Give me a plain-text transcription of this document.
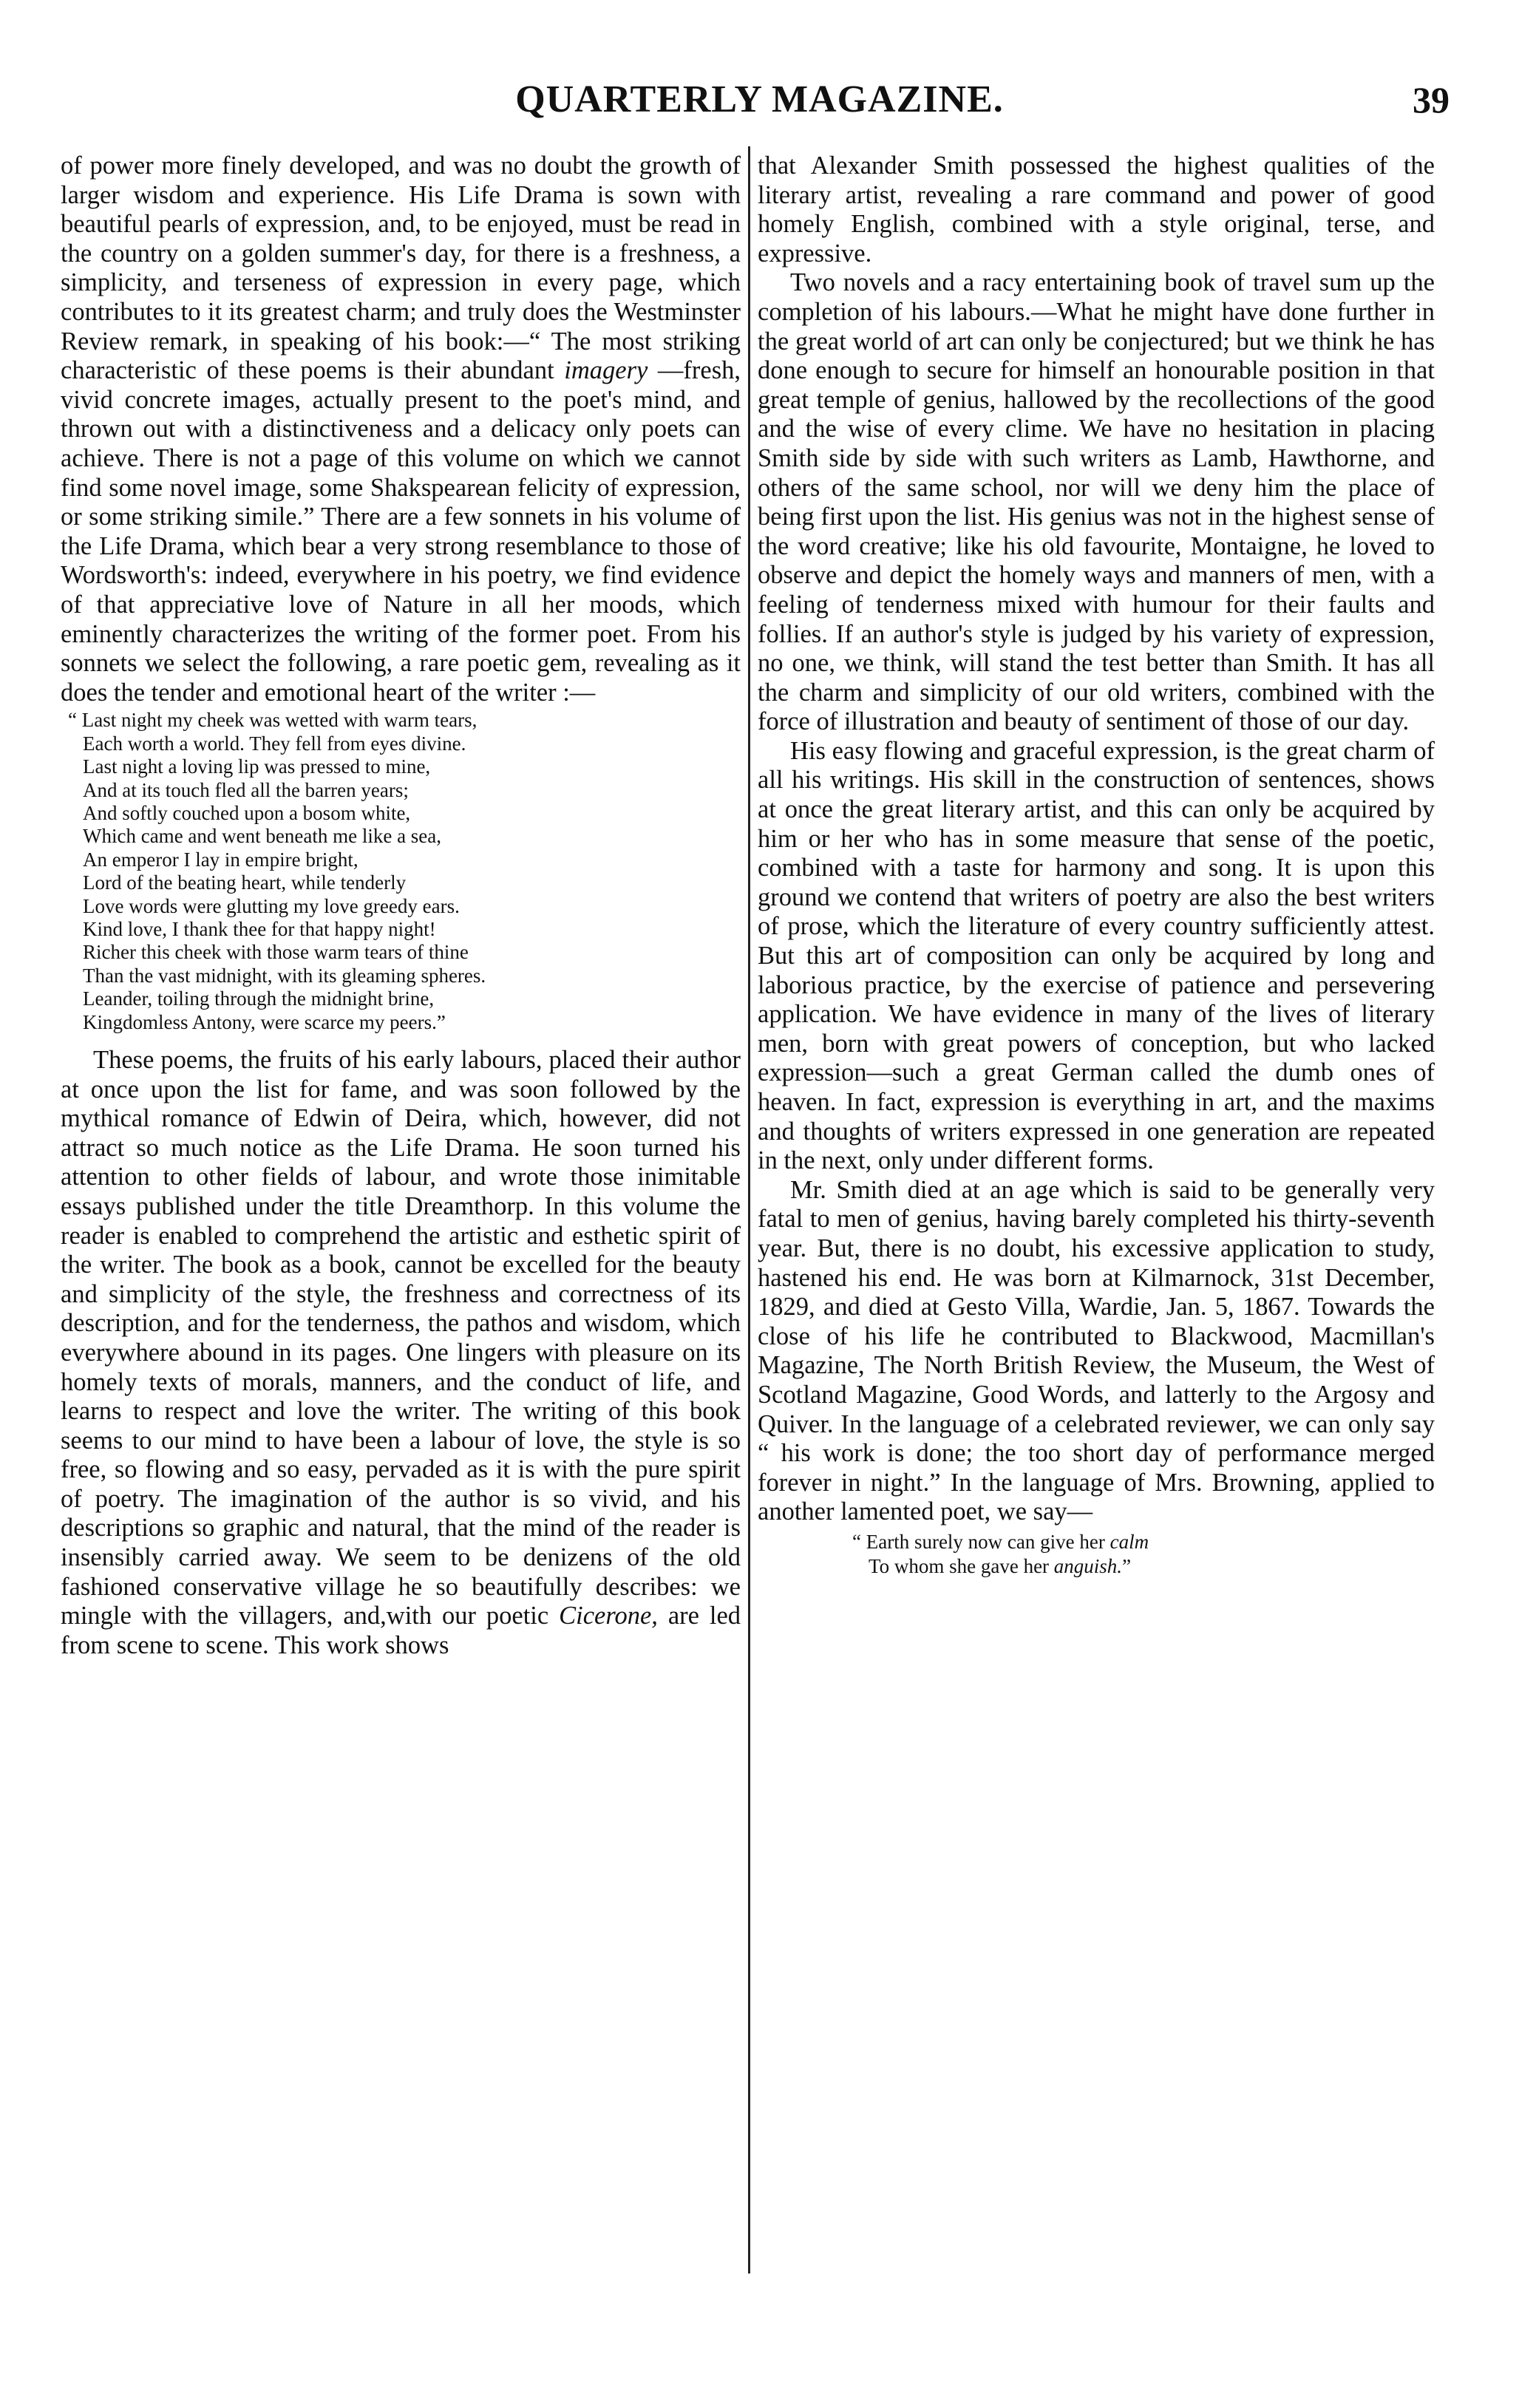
QUARTERLY MAGAZINE.	39

of power more finely developed, and was no doubt the growth of larger wisdom and experience. His Life Drama is sown with beautiful pearls of expression, and, to be enjoyed, must be read in the country on a golden summer's day, for there is a freshness, a simplicity, and terseness of expression in every page, which contributes to it its greatest charm; and truly does the Westminster Review remark, in speaking of his book:—“ The most striking characteristic of these poems is their abundant imagery —fresh, vivid concrete images, actually present to the poet's mind, and thrown out with a distinctiveness and a delicacy only poets can achieve. There is not a page of this volume on which we cannot find some novel image, some Shakspearean felicity of expression, or some striking simile.” There are a few sonnets in his volume of the Life Drama, which bear a very strong resemblance to those of Wordsworth's: indeed, everywhere in his poetry, we find evidence of that appreciative love of Nature in all her moods, which eminently characterizes the writing of the former poet. From his sonnets we select the following, a rare poetic gem, revealing as it does the tender and emotional heart of the writer :—

“ Last night my cheek was wetted with warm tears,
Each worth a world. They fell from eyes divine.
Last night a loving lip was pressed to mine,
And at its touch fled all the barren years;
And softly couched upon a bosom white,
Which came and went beneath me like a sea,
An emperor I lay in empire bright,
Lord of the beating heart, while tenderly
Love words were glutting my love greedy ears.
Kind love, I thank thee for that happy night!
Richer this cheek with those warm tears of thine
Than the vast midnight, with its gleaming spheres.
Leander, toiling through the midnight brine,
Kingdomless Antony, were scarce my peers.”

These poems, the fruits of his early labours, placed their author at once upon the list for fame, and was soon followed by the mythical romance of Edwin of Deira, which, however, did not attract so much notice as the Life Drama. He soon turned his attention to other fields of labour, and wrote those inimitable essays published under the title Dreamthorp. In this volume the reader is enabled to comprehend the artistic and esthetic spirit of the writer. The book as a book, cannot be excelled for the beauty and simplicity of the style, the freshness and correctness of its description, and for the tenderness, the pathos and wisdom, which everywhere abound in its pages. One lingers with pleasure on its homely texts of morals, manners, and the conduct of life, and learns to respect and love the writer. The writing of this book seems to our mind to have been a labour of love, the style is so free, so flowing and so easy, pervaded as it is with the pure spirit of poetry. The imagination of the author is so vivid, and his descriptions so graphic and natural, that the mind of the reader is insensibly carried away. We seem to be denizens of the old fashioned conservative village he so beautifully describes: we mingle with the villagers, and,with our poetic Cicerone, are led from scene to scene. This work shows

that Alexander Smith possessed the highest qualities of the literary artist, revealing a rare command and power of good homely English, combined with a style original, terse, and expressive.

Two novels and a racy entertaining book of travel sum up the completion of his labours.—What he might have done further in the great world of art can only be conjectured; but we think he has done enough to secure for himself an honourable position in that great temple of genius, hallowed by the recollections of the good and the wise of every clime. We have no hesitation in placing Smith side by side with such writers as Lamb, Hawthorne, and others of the same school, nor will we deny him the place of being first upon the list. His genius was not in the highest sense of the word creative; like his old favourite, Montaigne, he loved to observe and depict the homely ways and manners of men, with a feeling of tenderness mixed with humour for their faults and follies. If an author's style is judged by his variety of expression, no one, we think, will stand the test better than Smith. It has all the charm and simplicity of our old writers, combined with the force of illustration and beauty of sentiment of those of our day.

His easy flowing and graceful expression, is the great charm of all his writings. His skill in the construction of sentences, shows at once the great literary artist, and this can only be acquired by him or her who has in some measure that sense of the poetic, combined with a taste for harmony and song. It is upon this ground we contend that writers of poetry are also the best writers of prose, which the literature of every country sufficiently attest. But this art of composition can only be acquired by long and laborious practice, by the exercise of patience and persevering application. We have evidence in many of the lives of literary men, born with great powers of conception, but who lacked expression—such a great German called the dumb ones of heaven. In fact, expression is everything in art, and the maxims and thoughts of writers expressed in one generation are repeated in the next, only under different forms.

Mr. Smith died at an age which is said to be generally very fatal to men of genius, having barely completed his thirty-seventh year. But, there is no doubt, his excessive application to study, hastened his end. He was born at Kilmarnock, 31st December, 1829, and died at Gesto Villa, Wardie, Jan. 5, 1867. Towards the close of his life he contributed to Blackwood, Macmillan's Magazine, The North British Review, the Museum, the West of Scotland Magazine, Good Words, and latterly to the Argosy and Quiver. In the language of a celebrated reviewer, we can only say “ his work is done; the too short day of performance merged forever in night.” In the language of Mrs. Browning, applied to another lamented poet, we say—

“ Earth surely now can give her calm
To whom she gave her anguish.”
